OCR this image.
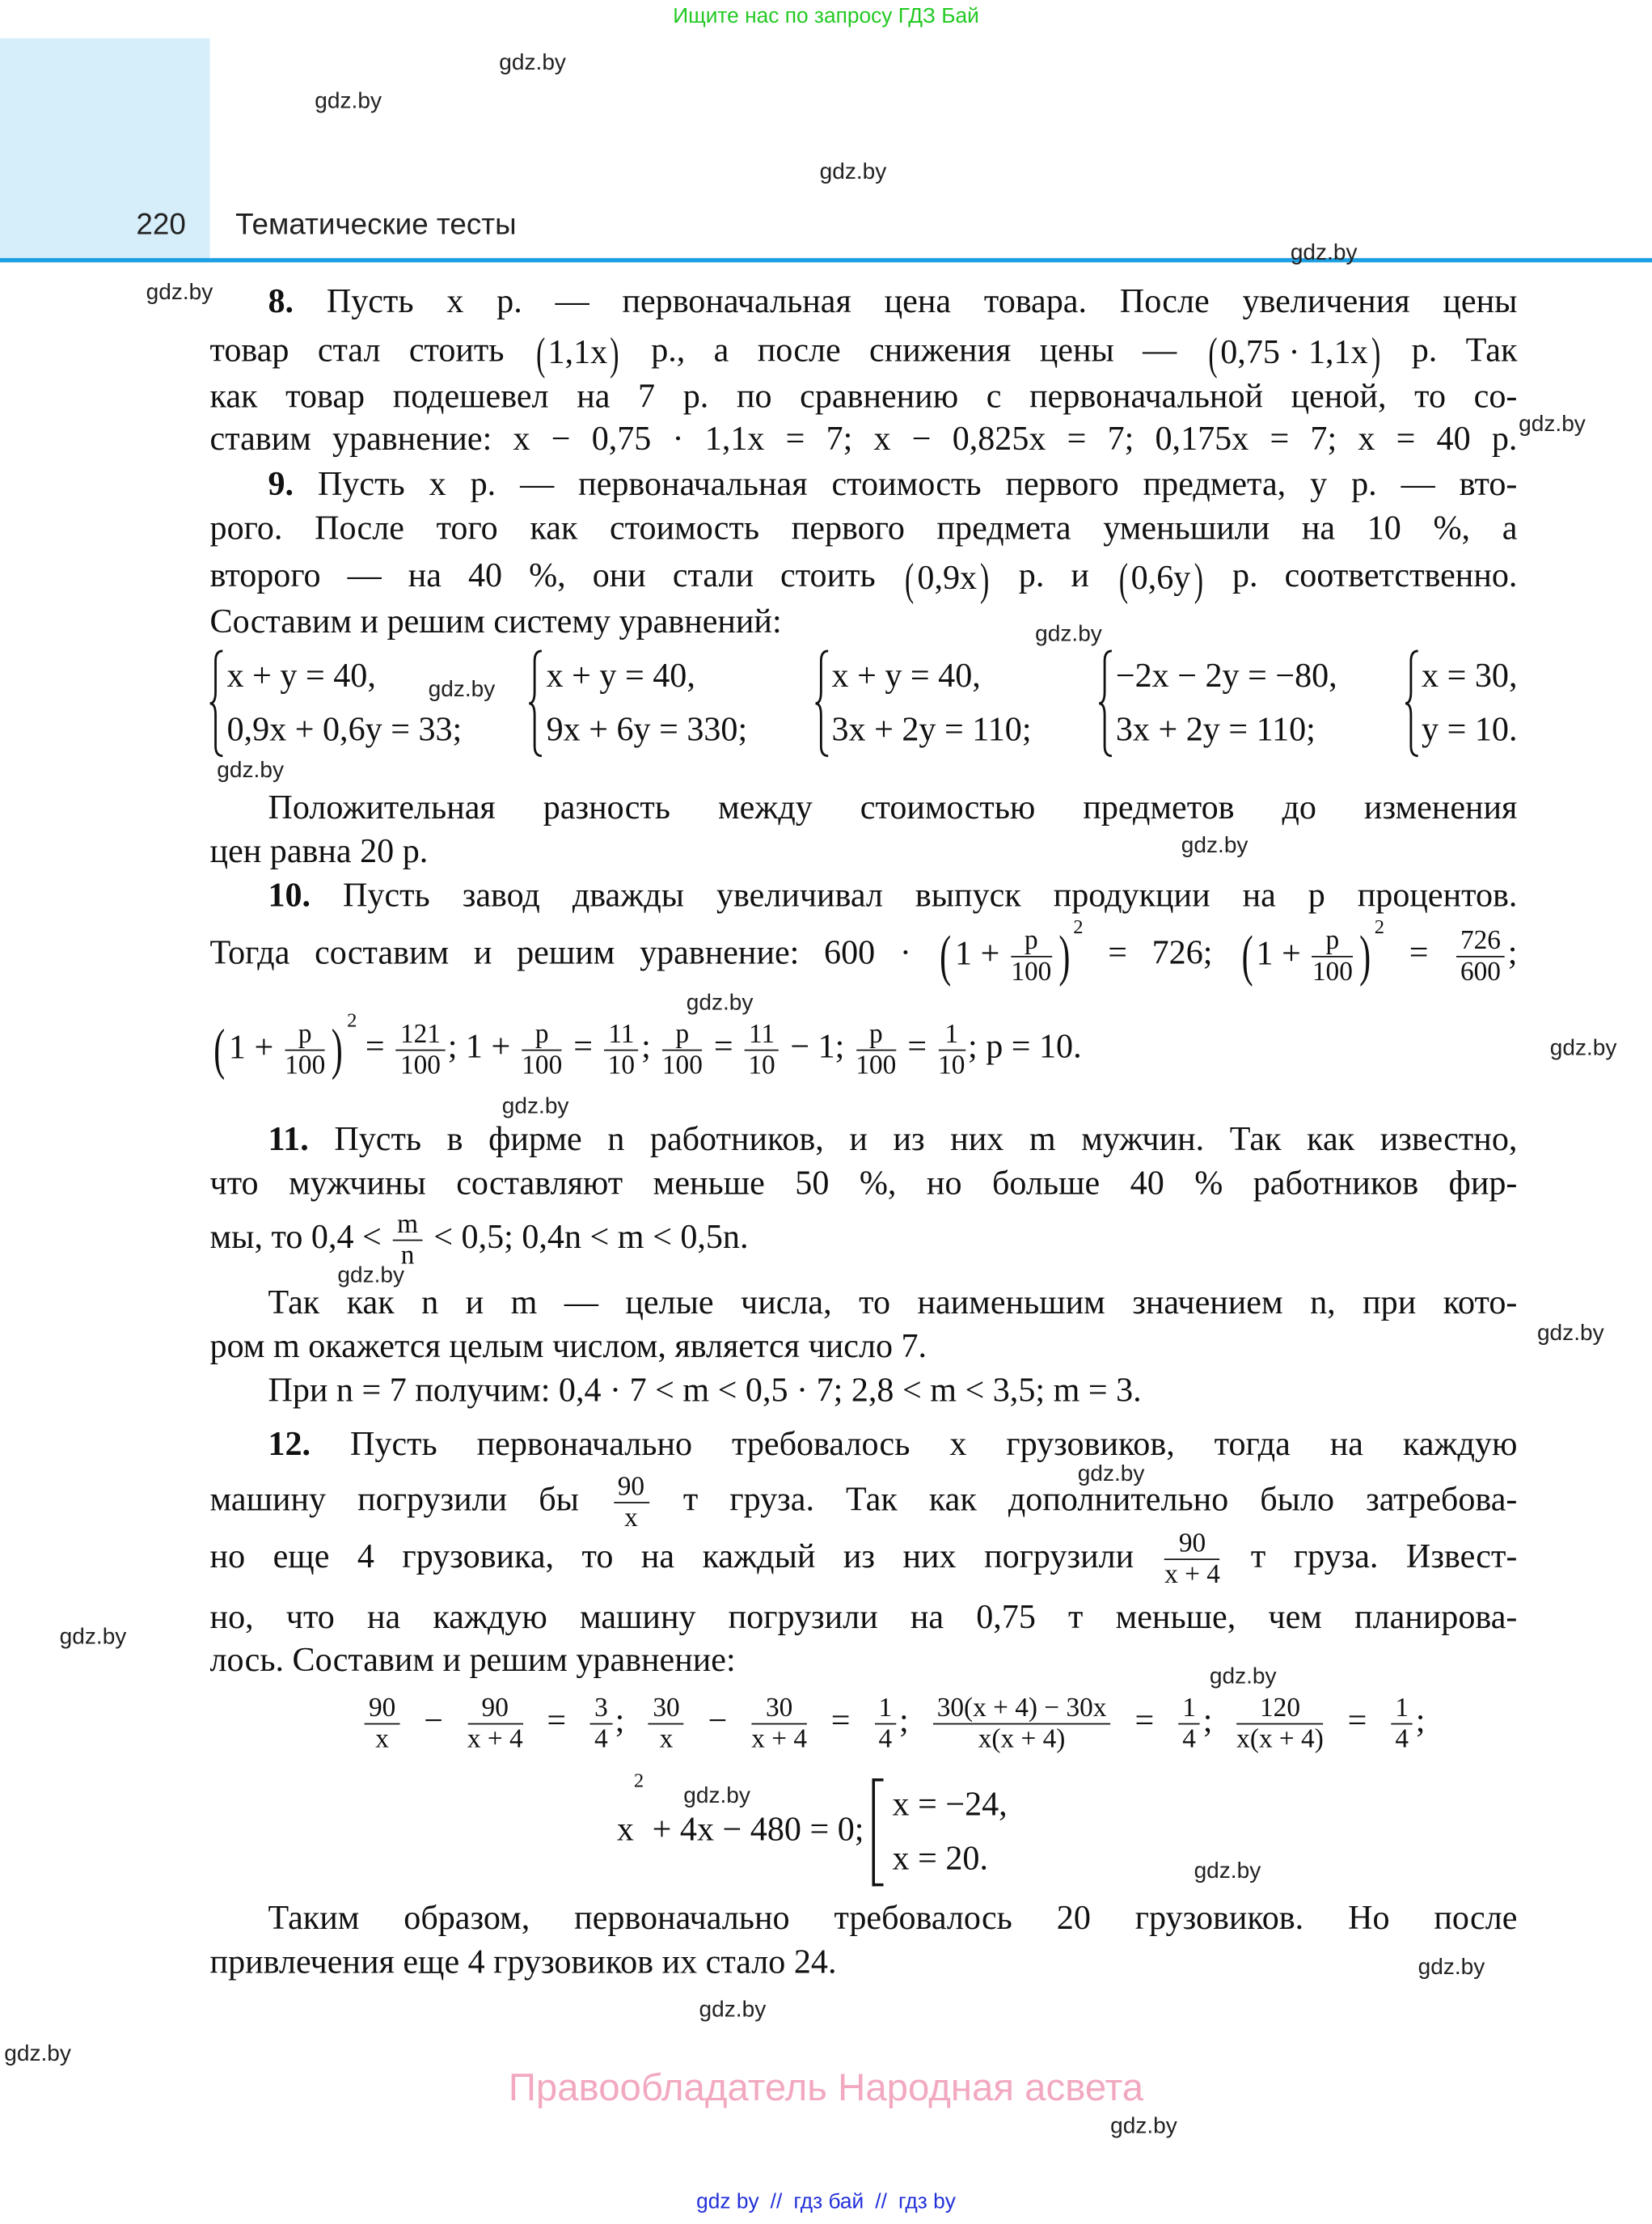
Ищите нас по запросу ГДЗ Бай
220	Тематические тесты
gdz.by
gdz.by
gdz.by
gdz.by
gdz.by
gdz.by
gdz.by
gdz.by
gdz.by
gdz.by
gdz.by
gdz.by
gdz.by
gdz.by
gdz.by
gdz.by
gdz.by
gdz.by
gdz.by
gdz.by
gdz.by
gdz.by
gdz.by
gdz.by
8. Пусть x р. — первоначальная цена товара. После увеличения цены
товар стал стоить ( 1,1x ) р., а после снижения цены — ( 0,75 · 1,1x ) р. Так
как товар подешевел на 7 р. по сравнению с первоначальной ценой, то со-
ставим уравнение: x − 0,75 · 1,1x = 7; x − 0,825x = 7; 0,175x = 7; x = 40 р.
9. Пусть x р. — первоначальная стоимость первого предмета, y р. — вто-
рого. После того как стоимость первого предмета уменьшили на 10 %, а
второго — на 40 %, они стали стоить ( 0,9x ) р. и ( 0,6y ) р. соответственно.
Составим и решим систему уравнений:
x + y = 40,
0,9x + 0,6y = 33;

x + y = 40,
9x + 6y = 330;

x + y = 40,
3x + 2y = 110;

−2x − 2y = −80,
3x + 2y = 110;

x = 30,
y = 10.
Положительная разность между стоимостью предметов до изменения
цен равна 20 р.
10. Пусть завод дважды увеличивал выпуск продукции на p процентов.
Тогда составим и решим уравнение: 600 · ( $1 + \frac{p}{100}$ ) 2
= 726; ( $1 + \frac{p}{100}$ ) 2
= $\frac{726}{600}$ ;
( $1 + \frac{p}{100}$ ) 2
= $\frac{121}{100}$ ; $1 + \frac{p}{100} = \frac{11}{10}$ ; $\frac{p}{100} = \frac{11}{10} - 1$; $\frac{p}{100} = \frac{1}{10}$ ; p = 10.
11. Пусть в фирме n работников, и из них m мужчин. Так как известно,
что мужчины составляют меньше 50 %, но больше 40 % работников фир-
мы, то $0,4 < \frac{m}{n} < 0,5$; 0,4n < m < 0,5n.
Так как n и m — целые числа, то наименьшим значением n, при кото-
ром m окажется целым числом, является число 7.
При n = 7 получим: 0,4 · 7 < m < 0,5 · 7; 2,8 < m < 3,5; m = 3.
12. Пусть первоначально требовалось x грузовиков, тогда на каждую
машину погрузили бы $\frac{90}{x}$ т груза. Так как дополнительно было затребова-
но еще 4 грузовика, то на каждый из них погрузили $\frac{90}{x + 4}$ т груза. Извест-
но, что на каждую машину погрузили на 0,75 т меньше, чем планирова-
лось. Составим и решим уравнение:
$\frac{90}{x} - \frac{90}{x + 4} = \frac{3}{4}$ ; $\frac{30}{x} - \frac{30}{x + 4} = \frac{1}{4}$ ; $\frac{30(x + 4) - 30x}{x(x + 4)} = \frac{1}{4}$ ; $\frac{120}{x(x + 4)} = \frac{1}{4}$ ;
$x^2 + 4x - 480 = 0$;
x = −24,
x = 20.
Таким образом, первоначально требовалось 20 грузовиков. Но после
привлечения еще 4 грузовиков их стало 24.
Правообладатель Народная асвета
gdz by // гдз бай // гдз by
